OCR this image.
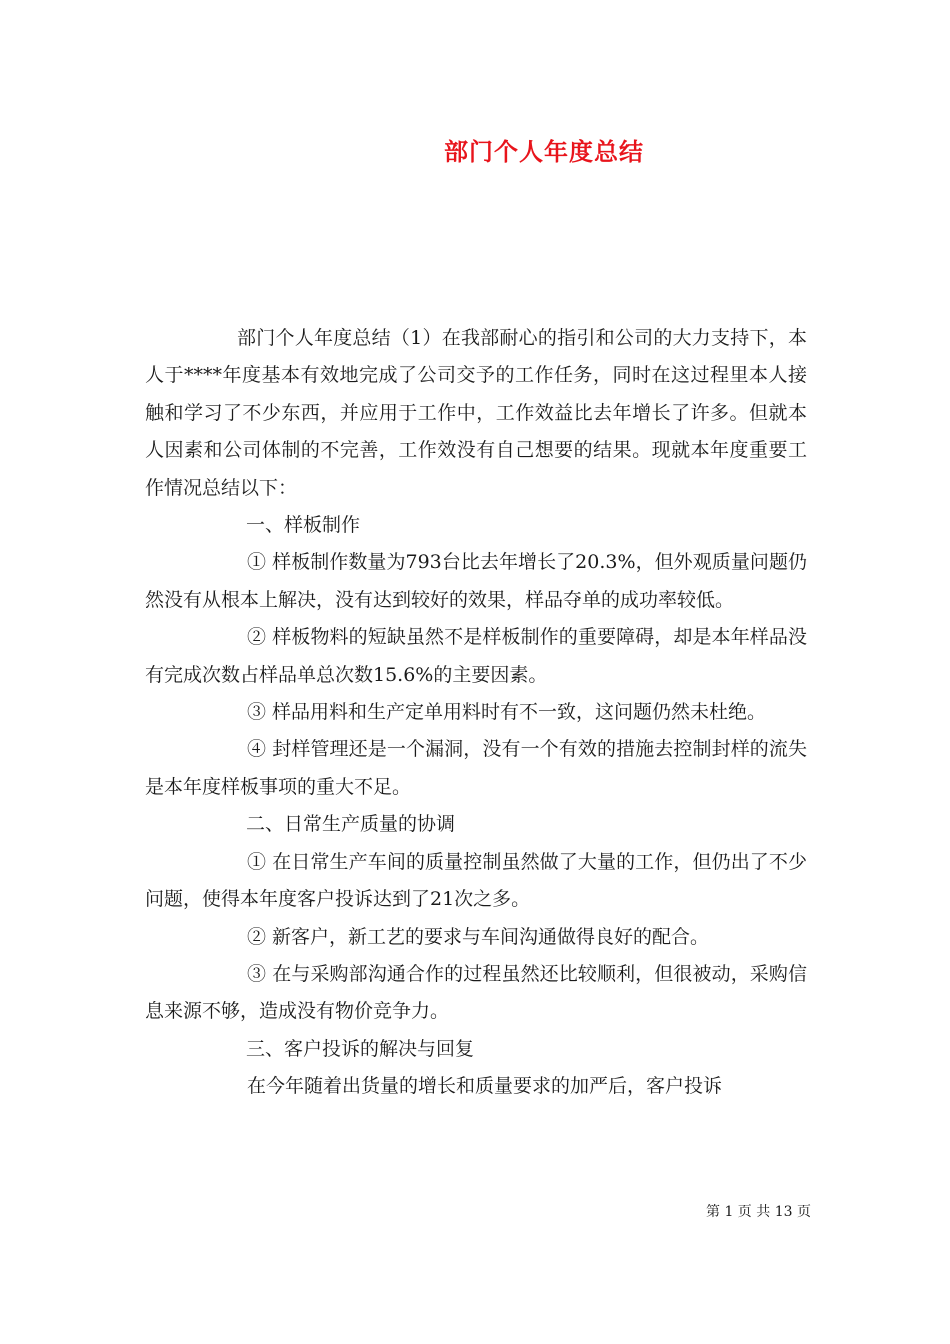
部门个人年度总结

部门个人年度总结（1）在我部耐心的指引和公司的大力支持下，本人于****年度基本有效地完成了公司交予的工作任务，同时在这过程里本人接触和学习了不少东西，并应用于工作中，工作效益比去年增长了许多。但就本人因素和公司体制的不完善，工作效没有自己想要的结果。现就本年度重要工作情况总结以下：

一、样板制作

① 样板制作数量为793台比去年增长了20.3%，但外观质量问题仍然没有从根本上解决，没有达到较好的效果，样品夺单的成功率较低。

② 样板物料的短缺虽然不是样板制作的重要障碍，却是本年样品没有完成次数占样品单总次数15.6%的主要因素。

③ 样品用料和生产定单用料时有不一致，这问题仍然未杜绝。

④ 封样管理还是一个漏洞，没有一个有效的措施去控制封样的流失是本年度样板事项的重大不足。

二、日常生产质量的协调

① 在日常生产车间的质量控制虽然做了大量的工作，但仍出了不少问题，使得本年度客户投诉达到了21次之多。

② 新客户，新工艺的要求与车间沟通做得良好的配合。

③ 在与采购部沟通合作的过程虽然还比较顺利，但很被动，采购信息来源不够，造成没有物价竞争力。

三、客户投诉的解决与回复

在今年随着出货量的增长和质量要求的加严后，客户投诉

第 1 页 共 13 页
